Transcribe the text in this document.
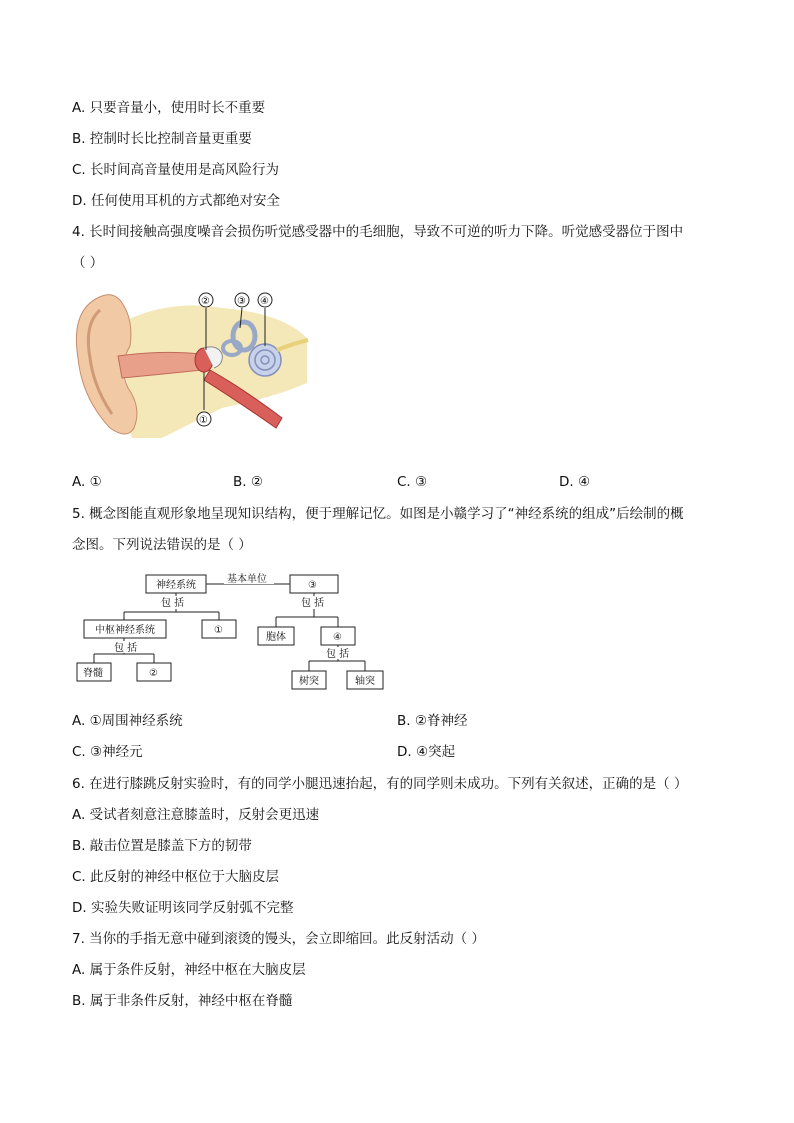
A. 只要音量小，使用时长不重要
B. 控制时长比控制音量更重要
C. 长时间高音量使用是高风险行为
D. 任何使用耳机的方式都绝对安全
4. 长时间接触高强度噪音会损伤听觉感受器中的毛细胞，导致不可逆的听力下降。听觉感受器位于图中
（ ）
②	③ ④
①
A. ①	B. ②	C. ③	D. ④
5. 概念图能直观形象地呈现知识结构，便于理解记忆。如图是小赣学习了“神经系统的组成”后绘制的概
念图。下列说法错误的是（ ）
神经系统
基本单位
③
包 括
中枢神经系统	①
包 括
胞体	④
包 括
脊髓	②
包 括
树突	轴突
A. ①周围神经系统	B. ②脊神经
C. ③神经元	D. ④突起
6. 在进行膝跳反射实验时，有的同学小腿迅速抬起，有的同学则未成功。下列有关叙述，正确的是（ ）
A. 受试者刻意注意膝盖时，反射会更迅速
B. 敲击位置是膝盖下方的韧带
C. 此反射的神经中枢位于大脑皮层
D. 实验失败证明该同学反射弧不完整
7. 当你的手指无意中碰到滚烫的馒头，会立即缩回。此反射活动（ ）
A. 属于条件反射，神经中枢在大脑皮层
B. 属于非条件反射，神经中枢在脊髓
